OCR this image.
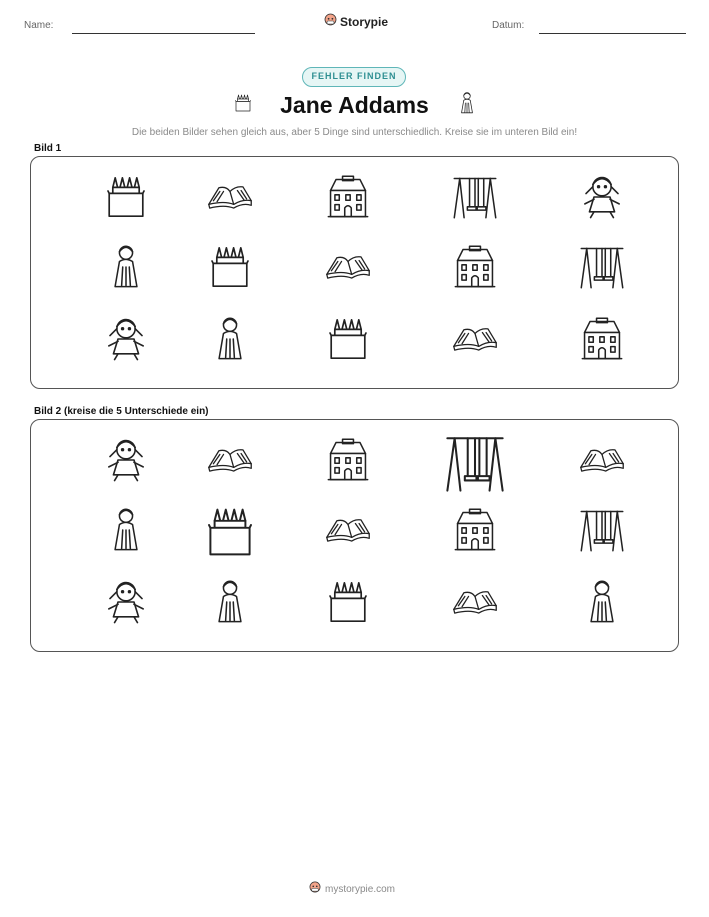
Name:	Storypie	Datum:
FEHLER FINDEN
Jane Addams
Die beiden Bilder sehen gleich aus, aber 5 Dinge sind unterschiedlich. Kreise sie im unteren Bild ein!
Bild 1
Bild 2 (kreise die 5 Unterschiede ein)
mystorypie.com
